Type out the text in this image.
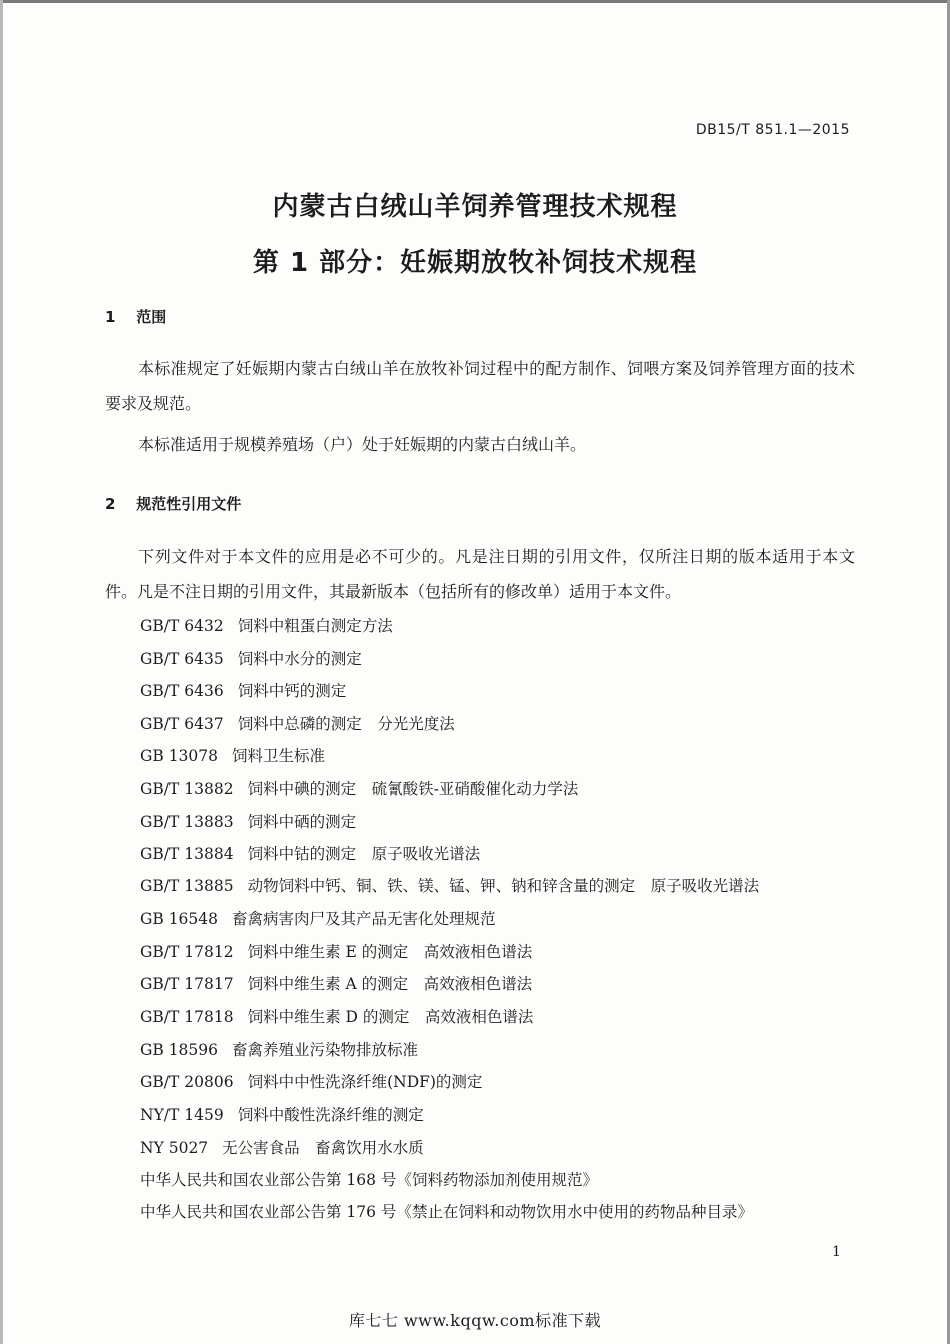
DB15/T 851.1—2015
内蒙古白绒山羊饲养管理技术规程
第 1 部分：妊娠期放牧补饲技术规程
1 范围

本标准规定了妊娠期内蒙古白绒山羊在放牧补饲过程中的配方制作、饲喂方案及饲养管理方面的技术要求及规范。

本标准适用于规模养殖场（户）处于妊娠期的内蒙古白绒山羊。

2 规范性引用文件

下列文件对于本文件的应用是必不可少的。凡是注日期的引用文件，仅所注日期的版本适用于本文件。凡是不注日期的引用文件，其最新版本（包括所有的修改单）适用于本文件。

GB/T 6432 饲料中粗蛋白测定方法
GB/T 6435 饲料中水分的测定
GB/T 6436 饲料中钙的测定
GB/T 6437 饲料中总磷的测定　分光光度法
GB 13078 饲料卫生标准
GB/T 13882 饲料中碘的测定　硫氰酸铁-亚硝酸催化动力学法
GB/T 13883 饲料中硒的测定
GB/T 13884 饲料中钴的测定　原子吸收光谱法
GB/T 13885 动物饲料中钙、铜、铁、镁、锰、钾、钠和锌含量的测定　原子吸收光谱法
GB 16548 畜禽病害肉尸及其产品无害化处理规范
GB/T 17812 饲料中维生素 E 的测定　高效液相色谱法
GB/T 17817 饲料中维生素 A 的测定　高效液相色谱法
GB/T 17818 饲料中维生素 D 的测定　高效液相色谱法
GB 18596 畜禽养殖业污染物排放标准
GB/T 20806 饲料中中性洗涤纤维(NDF)的测定
NY/T 1459 饲料中酸性洗涤纤维的测定
NY 5027 无公害食品　畜禽饮用水水质
中华人民共和国农业部公告第 168 号《饲料药物添加剂使用规范》
中华人民共和国农业部公告第 176 号《禁止在饲料和动物饮用水中使用的药物品种目录》
1
库七七 www.kqqw.com标准下载
